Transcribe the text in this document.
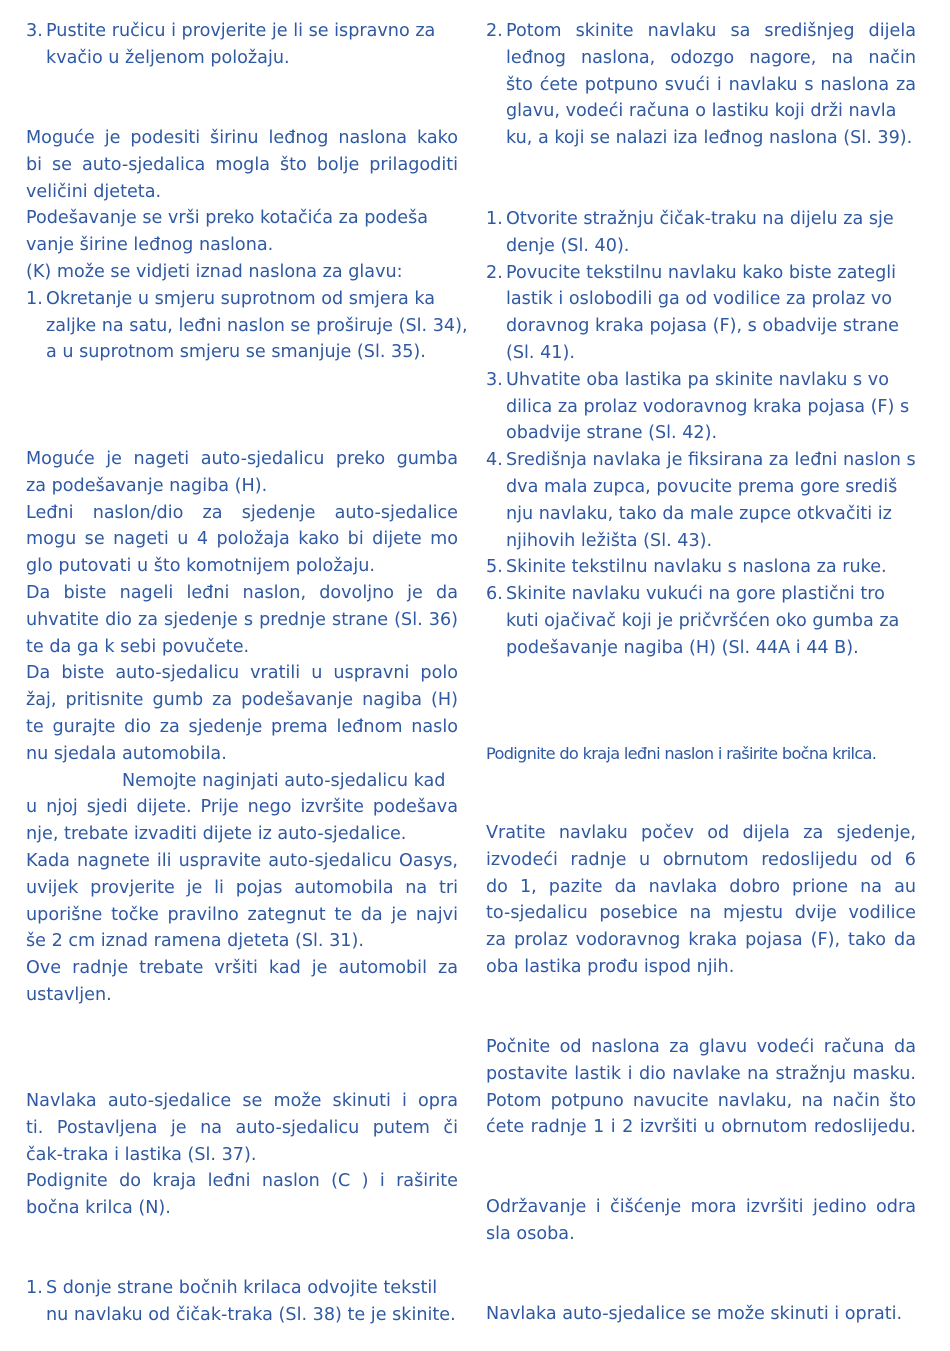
3. Pustite ručicu i provjerite je li se ispravno za
kvačio u željenom položaju.
Moguće je podesiti širinu leđnog naslona kako
bi se auto-sjedalica mogla što bolje prilagoditi
veličini djeteta.
Podešavanje se vrši preko kotačića za podeša
vanje širine leđnog naslona.
(K) može se vidjeti iznad naslona za glavu:
1. Okretanje u smjeru suprotnom od smjera ka
zaljke na satu, leđni naslon se proširuje (Sl. 34),
a u suprotnom smjeru se smanjuje (Sl. 35).
Moguće je nageti auto-sjedalicu preko gumba
za podešavanje nagiba (H).
Leđni naslon/dio za sjedenje auto-sjedalice
mogu se nageti u 4 položaja kako bi dijete mo
glo putovati u što komotnijem položaju.
Da biste nageli leđni naslon, dovoljno je da
uhvatite dio za sjedenje s prednje strane (Sl. 36)
te da ga k sebi povučete.
Da biste auto-sjedalicu vratili u uspravni polo
žaj, pritisnite gumb za podešavanje nagiba (H)
te gurajte dio za sjedenje prema leđnom naslo
nu sjedala automobila.
Nemojte naginjati auto-sjedalicu kad
u njoj sjedi dijete. Prije nego izvršite podešava
nje, trebate izvaditi dijete iz auto-sjedalice.
Kada nagnete ili uspravite auto-sjedalicu Oasys,
uvijek provjerite je li pojas automobila na tri
uporišne točke pravilno zategnut te da je najvi
še 2 cm iznad ramena djeteta (Sl. 31).
Ove radnje trebate vršiti kad je automobil za
ustavljen.
Navlaka auto-sjedalice se može skinuti i opra
ti. Postavljena je na auto-sjedalicu putem či
čak-traka i lastika (Sl. 37).
Podignite do kraja leđni naslon (C ) i raširite
bočna krilca (N).
1. S donje strane bočnih krilaca odvojite tekstil
nu navlaku od čičak-traka (Sl. 38) te je skinite.
2. Potom skinite navlaku sa središnjeg dijela
leđnog naslona, odozgo nagore, na način
što ćete potpuno svući i navlaku s naslona za
glavu, vodeći računa o lastiku koji drži navla
ku, a koji se nalazi iza leđnog naslona (Sl. 39).
1. Otvorite stražnju čičak-traku na dijelu za sje
denje (Sl. 40).
2. Povucite tekstilnu navlaku kako biste zategli
lastik i oslobodili ga od vodilice za prolaz vo
doravnog kraka pojasa (F), s obadvije strane
(Sl. 41).
3. Uhvatite oba lastika pa skinite navlaku s vo
dilica za prolaz vodoravnog kraka pojasa (F) s
obadvije strane (Sl. 42).
4. Središnja navlaka je fiksirana za leđni naslon s
dva mala zupca, povucite prema gore središ
nju navlaku, tako da male zupce otkvačiti iz
njihovih ležišta (Sl. 43).
5. Skinite tekstilnu navlaku s naslona za ruke.
6. Skinite navlaku vukući na gore plastični tro
kuti ojačivač koji je pričvršćen oko gumba za
podešavanje nagiba (H) (Sl. 44A i 44 B).
Podignite do kraja leđni naslon i raširite bočna krilca.
Vratite navlaku počev od dijela za sjedenje,
izvodeći radnje u obrnutom redoslijedu od 6
do 1, pazite da navlaka dobro prione na au
to-sjedalicu posebice na mjestu dvije vodilice
za prolaz vodoravnog kraka pojasa (F), tako da
oba lastika prođu ispod njih.
Počnite od naslona za glavu vodeći računa da
postavite lastik i dio navlake na stražnju masku.
Potom potpuno navucite navlaku, na način što
ćete radnje 1 i 2 izvršiti u obrnutom redoslijedu.
Održavanje i čišćenje mora izvršiti jedino odra
sla osoba.
Navlaka auto-sjedalice se može skinuti i oprati.
